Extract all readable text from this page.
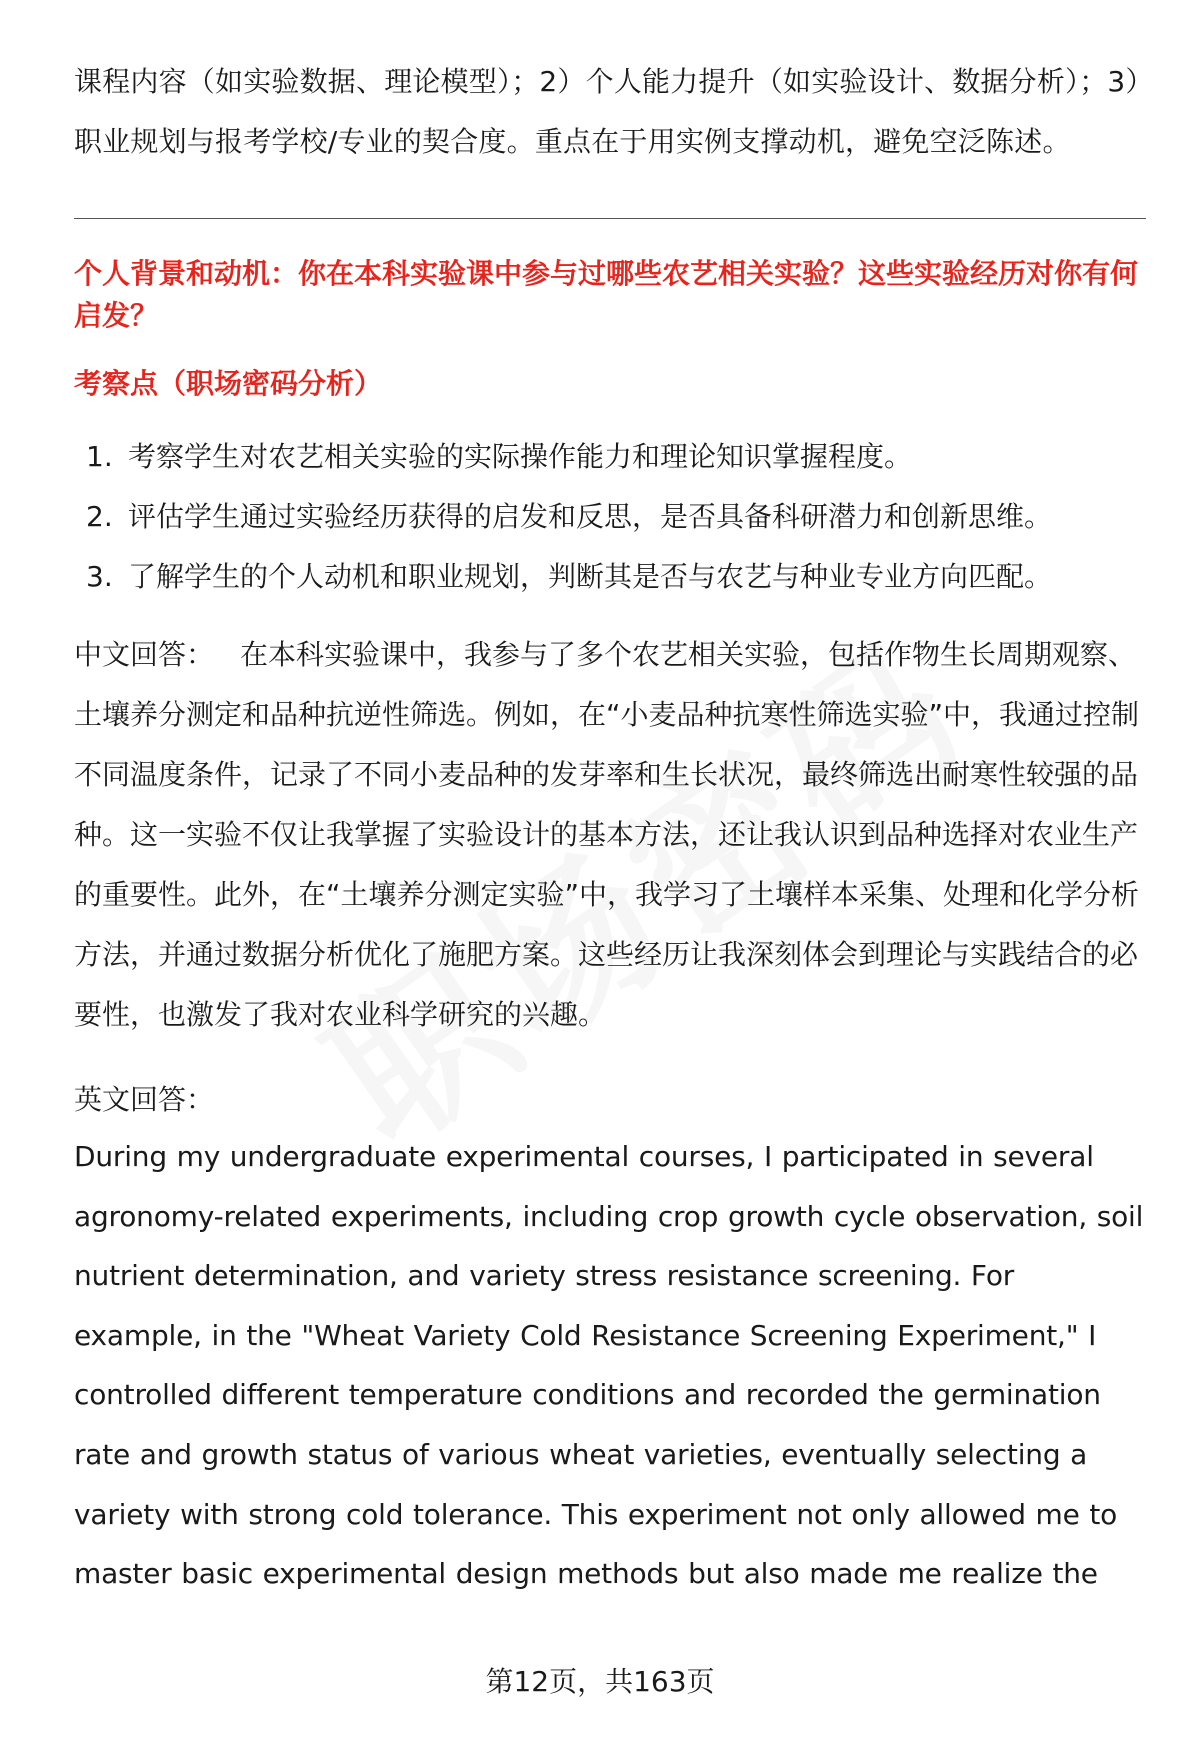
课程内容（如实验数据、理论模型）；2）个人能力提升（如实验设计、数据分析）；3）职业规划与报考学校/专业的契合度。重点在于用实例支撑动机，避免空泛陈述。

个人背景和动机：你在本科实验课中参与过哪些农艺相关实验？这些实验经历对你有何启发？

考察点（职场密码分析）

1. 考察学生对农艺相关实验的实际操作能力和理论知识掌握程度。
2. 评估学生通过实验经历获得的启发和反思，是否具备科研潜力和创新思维。
3. 了解学生的个人动机和职业规划，判断其是否与农艺与种业专业方向匹配。

中文回答： 在本科实验课中，我参与了多个农艺相关实验，包括作物生长周期观察、土壤养分测定和品种抗逆性筛选。例如，在“小麦品种抗寒性筛选实验”中，我通过控制不同温度条件，记录了不同小麦品种的发芽率和生长状况，最终筛选出耐寒性较强的品种。这一实验不仅让我掌握了实验设计的基本方法，还让我认识到品种选择对农业生产的重要性。此外，在“土壤养分测定实验”中，我学习了土壤样本采集、处理和化学分析方法，并通过数据分析优化了施肥方案。这些经历让我深刻体会到理论与实践结合的必要性，也激发了我对农业科学研究的兴趣。

英文回答：

During my undergraduate experimental courses, I participated in several agronomy-related experiments, including crop growth cycle observation, soil nutrient determination, and variety stress resistance screening. For example, in the "Wheat Variety Cold Resistance Screening Experiment," I controlled different temperature conditions and recorded the germination rate and growth status of various wheat varieties, eventually selecting a variety with strong cold tolerance. This experiment not only allowed me to master basic experimental design methods but also made me realize the

第12页，共163页
